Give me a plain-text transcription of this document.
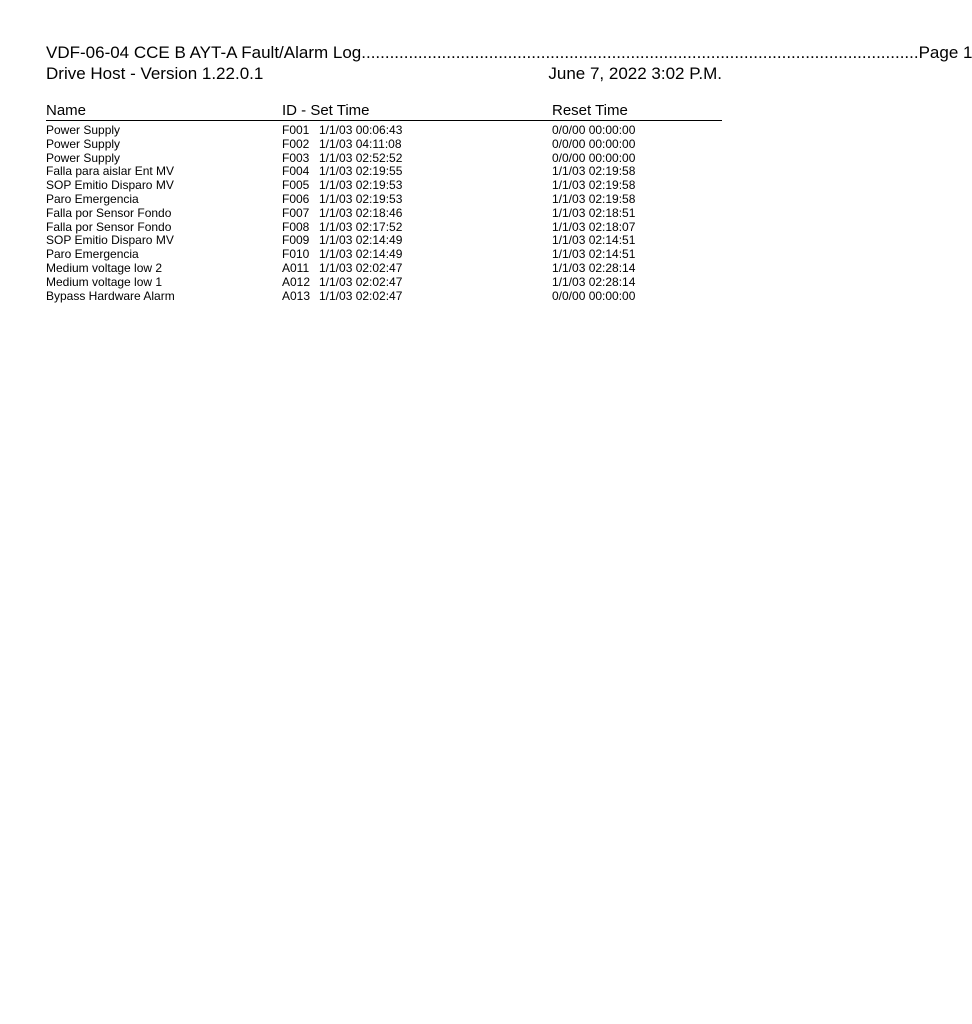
VDF-06-04 CCE B AYT-A Fault/Alarm Log ...................................................................................................................... Page 1
Drive Host - Version 1.22.0.1	June 7, 2022 3:02 P.M.
Name	ID - Set Time	Reset Time
Power Supply	F001 1/1/03 00:06:43	0/0/00 00:00:00
Power Supply	F002 1/1/03 04:11:08	0/0/00 00:00:00
Power Supply	F003 1/1/03 02:52:52	0/0/00 00:00:00
Falla para aislar Ent MV	F004 1/1/03 02:19:55	1/1/03 02:19:58
SOP Emitio Disparo MV	F005 1/1/03 02:19:53	1/1/03 02:19:58
Paro Emergencia	F006 1/1/03 02:19:53	1/1/03 02:19:58
Falla por Sensor Fondo	F007 1/1/03 02:18:46	1/1/03 02:18:51
Falla por Sensor Fondo	F008 1/1/03 02:17:52	1/1/03 02:18:07
SOP Emitio Disparo MV	F009 1/1/03 02:14:49	1/1/03 02:14:51
Paro Emergencia	F010 1/1/03 02:14:49	1/1/03 02:14:51
Medium voltage low 2	A011 1/1/03 02:02:47	1/1/03 02:28:14
Medium voltage low 1	A012 1/1/03 02:02:47	1/1/03 02:28:14
Bypass Hardware Alarm	A013 1/1/03 02:02:47	0/0/00 00:00:00
